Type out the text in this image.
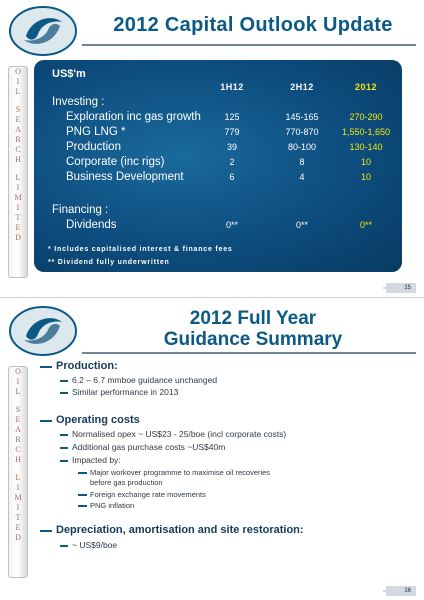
2012 Capital Outlook Update
O
I
L
S
E
A
R
C
H
L
I
M
I
T
E
D
US$'m
1H12	2H12	2012
Investing :
Exploration inc gas growth	125	145-165	270-290
PNG LNG *	779	770-870	1,550-1,650
Production	39	80-100	130-140
Corporate (inc rigs)	2	8	10
Business Development	6	4	10
Financing :
Dividends	0**	0**	0**
* Includes capitalised interest & finance fees
** Dividend fully underwritten
15
2012 Full Year
Guidance Summary
O
I
L
S
E
A
R
C
H
L
I
M
I
T
E
D
Production:
6.2 – 6.7 mmboe guidance unchanged
Similar performance in 2013
Operating costs
Normalised opex ~ US$23 - 25/boe (incl corporate costs)
Additional gas purchase costs ~US$40m
Impacted by:
Major workover programme to maximise oil recoveries
before gas production
Foreign exchange rate movements
PNG inflation
Depreciation, amortisation and site restoration:
~ US$9/boe
16
